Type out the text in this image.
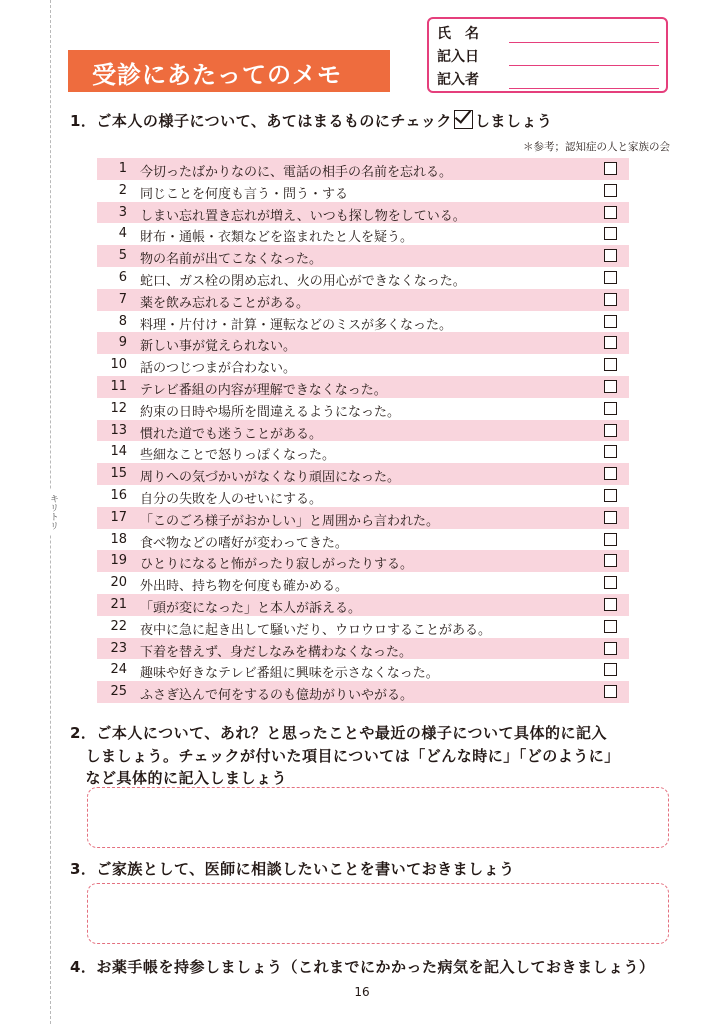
キリトリ
受診にあたってのメモ
氏　名
記入日
記入者
1．ご本人の様子について、あてはまるものにチェック しましょう
＊参考；認知症の人と家族の会
1 今切ったばかりなのに、電話の相手の名前を忘れる。
2 同じことを何度も言う・問う・する
3 しまい忘れ置き忘れが増え、いつも探し物をしている。
4 財布・通帳・衣類などを盗まれたと人を疑う。
5 物の名前が出てこなくなった。
6 蛇口、ガス栓の閉め忘れ、火の用心ができなくなった。
7 薬を飲み忘れることがある。
8 料理・片付け・計算・運転などのミスが多くなった。
9 新しい事が覚えられない。
10 話のつじつまが合わない。
11 テレビ番組の内容が理解できなくなった。
12 約束の日時や場所を間違えるようになった。
13 慣れた道でも迷うことがある。
14 些細なことで怒りっぽくなった。
15 周りへの気づかいがなくなり頑固になった。
16 自分の失敗を人のせいにする。
17 「このごろ様子がおかしい」と周囲から言われた。
18 食べ物などの嗜好が変わってきた。
19 ひとりになると怖がったり寂しがったりする。
20 外出時、持ち物を何度も確かめる。
21 「頭が変になった」と本人が訴える。
22 夜中に急に起き出して騒いだり、ウロウロすることがある。
23 下着を替えず、身だしなみを構わなくなった。
24 趣味や好きなテレビ番組に興味を示さなくなった。
25 ふさぎ込んで何をするのも億劫がりいやがる。
2．ご本人について、あれ？と思ったことや最近の様子について具体的に記入
　しましょう。チェックが付いた項目については「どんな時に」「どのように」
　など具体的に記入しましょう
3．ご家族として、医師に相談したいことを書いておきましょう
4．お薬手帳を持参しましょう（これまでにかかった病気を記入しておきましょう）
16
